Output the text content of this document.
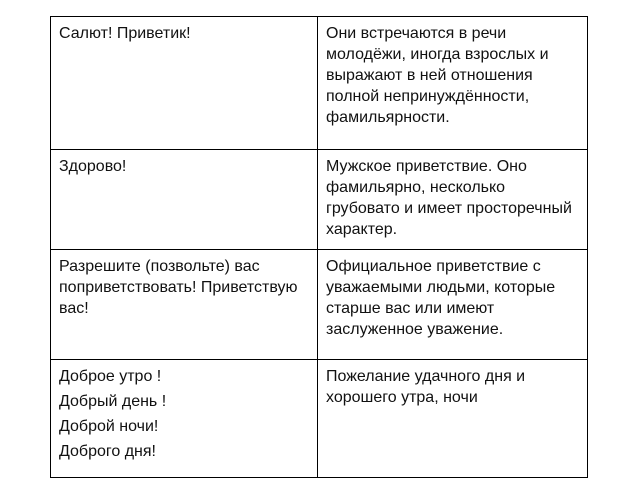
Салют! Приветик!	Они встречаются в речи молодёжи, иногда взрослых и выражают в ней отношения полной непринуждённости, фамильярности.
Здорово!	Мужское приветствие. Оно фамильярно, несколько грубовато и имеет просторечный характер.
Разрешите (позвольте) вас поприветствовать! Приветствую вас!
Официальное приветствие с уважаемыми людьми, которые старше вас или имеют заслуженное уважение.
Доброе утро !
Добрый день !
Доброй ночи!
Доброго дня!
Пожелание удачного дня и хорошего утра, ночи
